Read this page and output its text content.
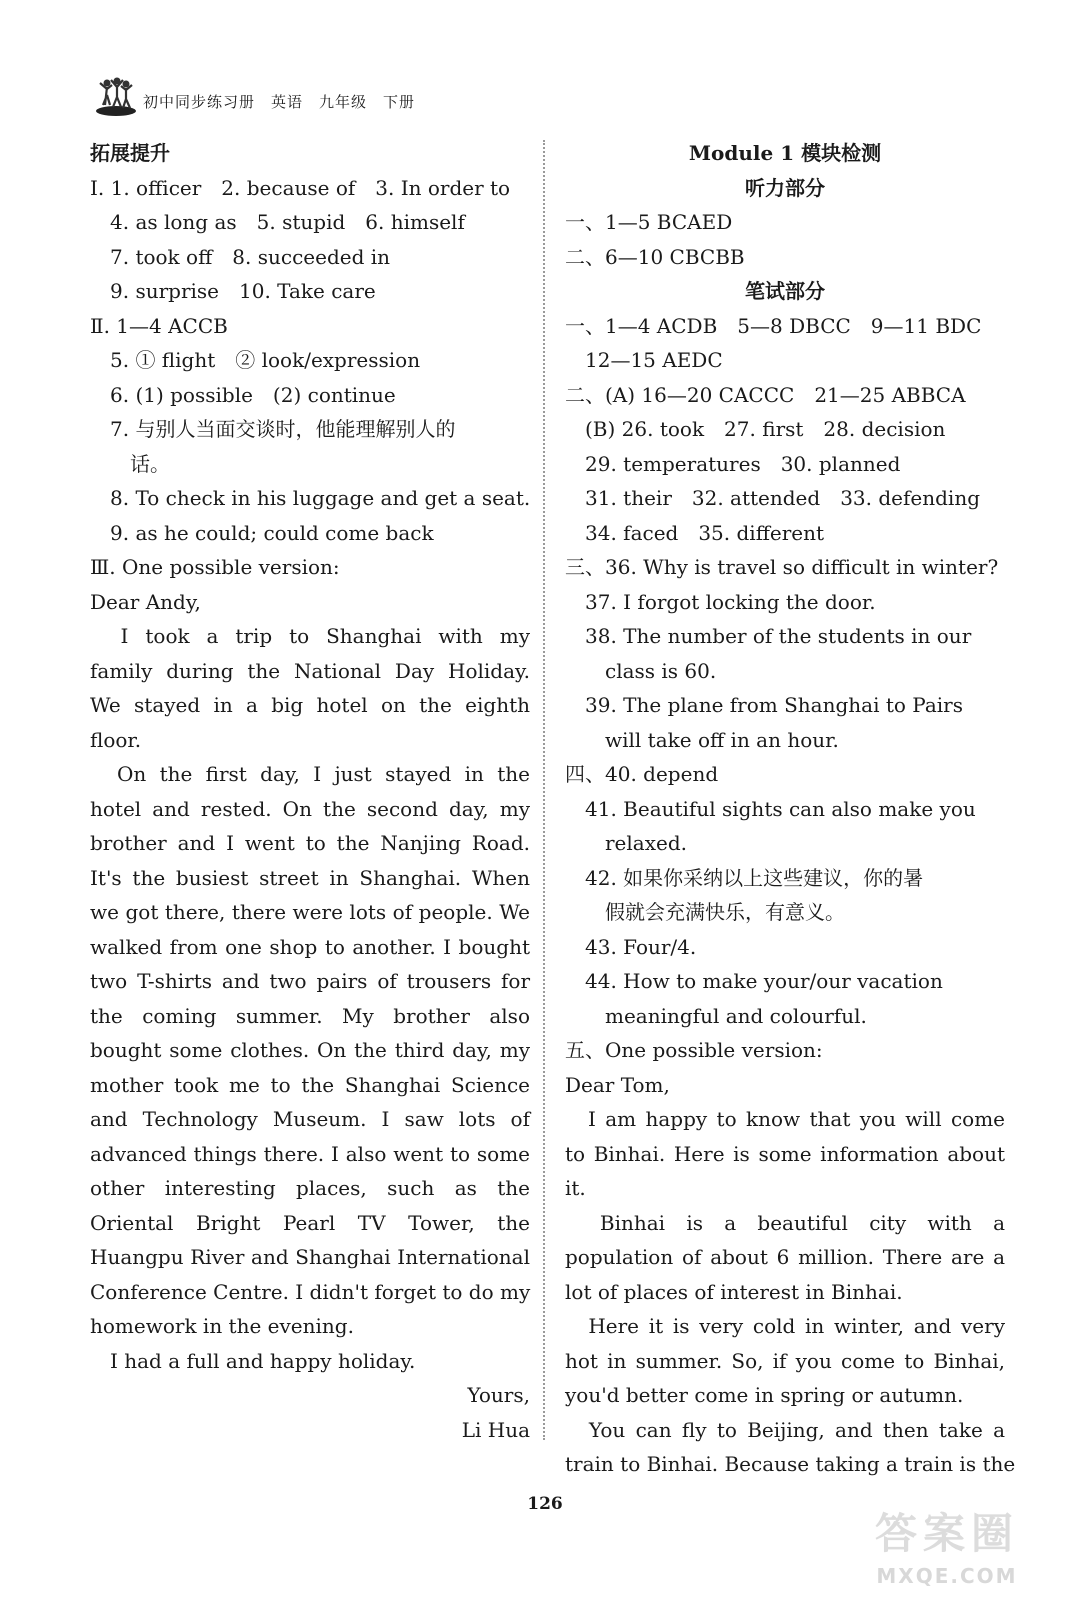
初中同步练习册　英语　九年级　下册
拓展提升
Ⅰ. 1. officer　2. because of　3. In order to
　4. as long as　5. stupid　6. himself
　7. took off　8. succeeded in
　9. surprise　10. Take care
Ⅱ. 1—4 ACCB
　5. ① flight　② look/expression
　6. (1) possible　(2) continue
　7. 与别人当面交谈时，他能理解别人的
　　话。
　8. To check in his luggage and get a seat.
　9. as he could; could come back
Ⅲ. One possible version:
Dear Andy,
　I took a trip to Shanghai with my
family during the National Day Holiday.
We stayed in a big hotel on the eighth
floor.
　On the first day, I just stayed in the
hotel and rested. On the second day, my
brother and I went to the Nanjing Road.
It's the busiest street in Shanghai. When
we got there, there were lots of people. We
walked from one shop to another. I bought
two T-shirts and two pairs of trousers for
the coming summer. My brother also
bought some clothes. On the third day, my
mother took me to the Shanghai Science
and Technology Museum. I saw lots of
advanced things there. I also went to some
other interesting places, such as the
Oriental Bright Pearl TV Tower, the
Huangpu River and Shanghai International
Conference Centre. I didn't forget to do my
homework in the evening.
　I had a full and happy holiday.
Yours,
Li Hua
Module 1 模块检测
听力部分
一、1—5 BCAED
二、6—10 CBCBB
笔试部分
一、1—4 ACDB　5—8 DBCC　9—11 BDC
　12—15 AEDC
二、(A) 16—20 CACCC　21—25 ABBCA
　(B) 26. took　27. first　28. decision
　29. temperatures　30. planned
　31. their　32. attended　33. defending
　34. faced　35. different
三、36. Why is travel so difficult in winter?
　37. I forgot locking the door.
　38. The number of the students in our
　　class is 60.
　39. The plane from Shanghai to Pairs
　　will take off in an hour.
四、40. depend
　41. Beautiful sights can also make you
　　relaxed.
　42. 如果你采纳以上这些建议，你的暑
　　假就会充满快乐，有意义。
　43. Four/4.
　44. How to make your/our vacation
　　meaningful and colourful.
五、One possible version:
Dear Tom,
　I am happy to know that you will come
to Binhai. Here is some information about
it.
　Binhai is a beautiful city with a
population of about 6 million. There are a
lot of places of interest in Binhai.
　Here it is very cold in winter, and very
hot in summer. So, if you come to Binhai,
you'd better come in spring or autumn.
　You can fly to Beijing, and then take a
train to Binhai. Because taking a train is the
126
答案圈
MXQE.COM
